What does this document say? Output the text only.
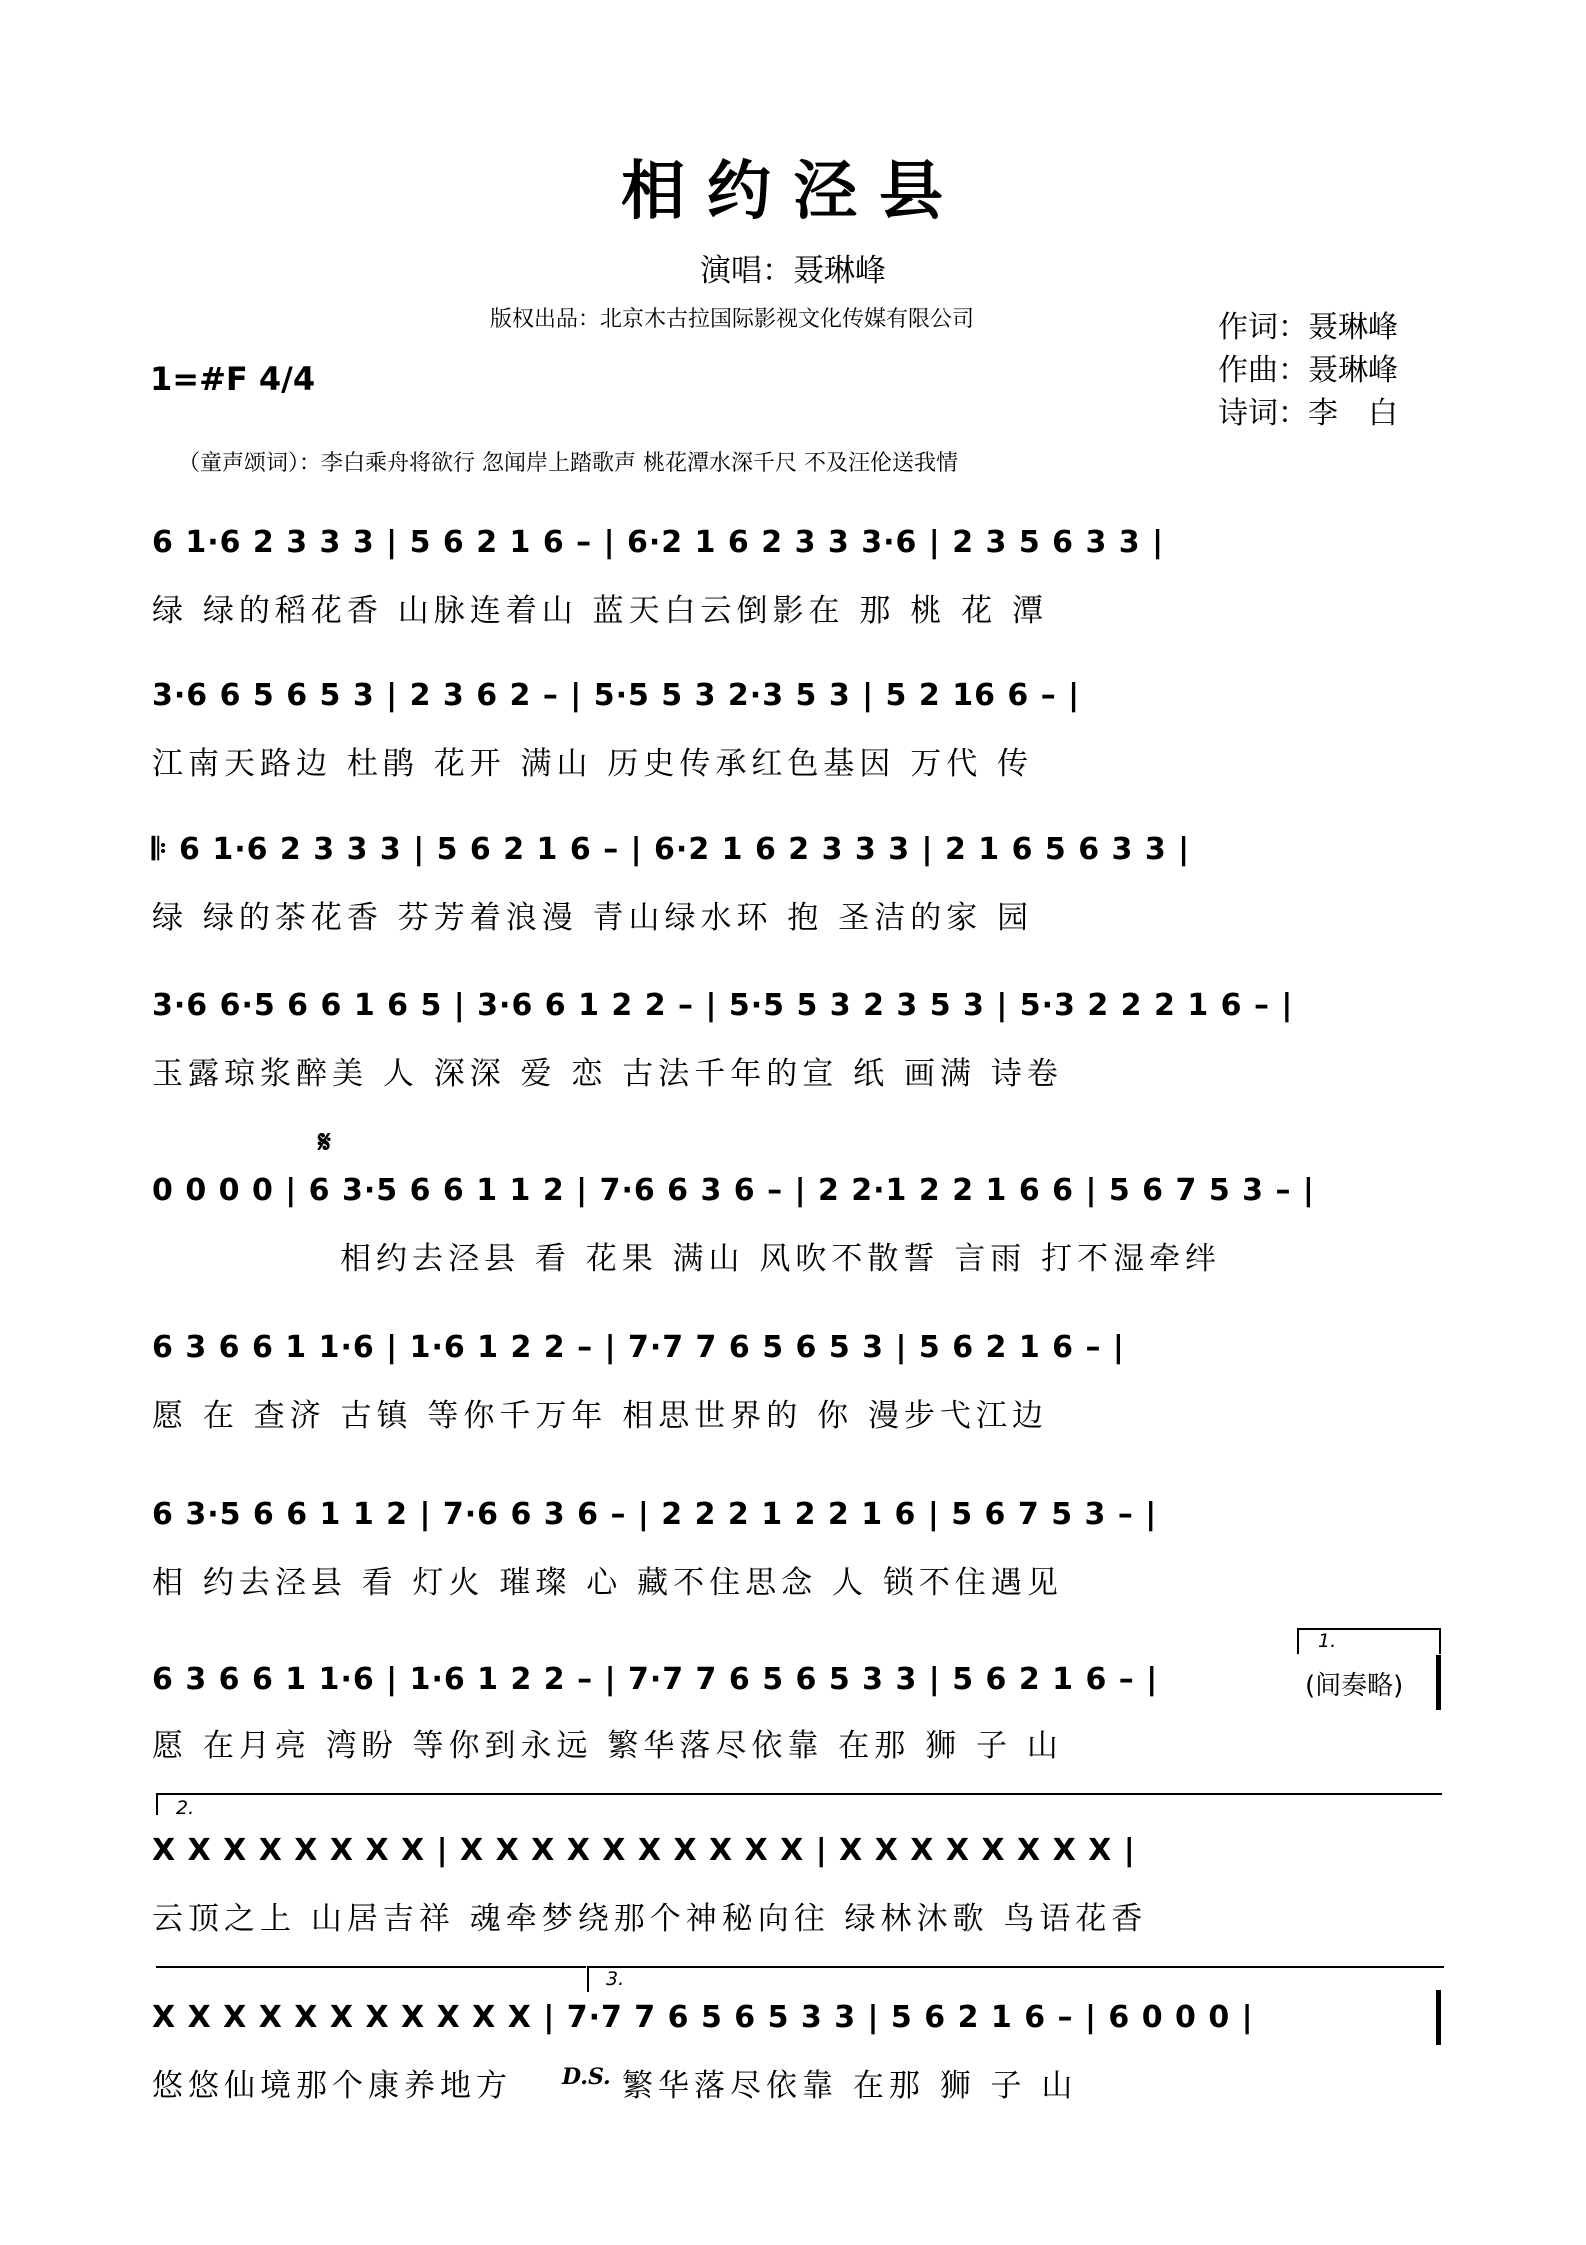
相约泾县
演唱：聂琳峰
版权出品：北京木古拉国际影视文化传媒有限公司	作词：聂琳峰
作曲：聂琳峰
诗词：李　白
1=#F 4/4
（童声颂词）：李白乘舟将欲行 忽闻岸上踏歌声 桃花潭水深千尺 不及汪伦送我情
6 1·6 2 3 3 3 | 5 6 2 1 6 – | 6·2 1 6 2 3 3 3·6 | 2 3 5 6 3 3 |
绿 绿的稻花香 山脉连着山 蓝天白云倒影在 那 桃 花 潭
3·6 6 5 6 5 3 | 2 3 6 2 – | 5·5 5 3 2·3 5 3 | 5 2 16 6 – |
江南天路边 杜鹃 花开 满山 历史传承红色基因 万代 传
𝄆 6 1·6 2 3 3 3 | 5 6 2 1 6 – | 6·2 1 6 2 3 3 3 | 2 1 6 5 6 3 3 |
绿 绿的茶花香 芬芳着浪漫 青山绿水环 抱 圣洁的家 园
3·6 6·5 6 6 1 6 5 | 3·6 6 1 2 2 – | 5·5 5 3 2 3 5 3 | 5·3 2 2 2 1 6 – |
玉露琼浆醉美 人 深深 爱 恋 古法千年的宣 纸 画满 诗卷
𝄋
0 0 0 0 | 6 3·5 6 6 1 1 2 | 7·6 6 3 6 – | 2 2·1 2 2 1 6 6 | 5 6 7 5 3 – |
相约去泾县 看 花果 满山 风吹不散誓 言雨 打不湿牵绊
6 3 6 6 1 1·6 | 1·6 1 2 2 – | 7·7 7 6 5 6 5 3 | 5 6 2 1 6 – |
愿 在 查济 古镇 等你千万年 相思世界的 你 漫步弋江边
6 3·5 6 6 1 1 2 | 7·6 6 3 6 – | 2 2 2 1 2 2 1 6 | 5 6 7 5 3 – |
相 约去泾县 看 灯火 璀璨 心 藏不住思念 人 锁不住遇见
1.
6 3 6 6 1 1·6 | 1·6 1 2 2 – | 7·7 7 6 5 6 5 3 3 | 5 6 2 1 6 – |	(间奏略)
愿 在月亮 湾盼 等你到永远 繁华落尽依靠 在那 狮 子 山
2.
X X X X X X X X | X X X X X X X X X X | X X X X X X X X |
云顶之上 山居吉祥 魂牵梦绕那个神秘向往 绿林沐歌 鸟语花香
3.
X X X X X X X X X X X | 7·7 7 6 5 6 5 3 3 | 5 6 2 1 6 – | 6 0 0 0 |
悠悠仙境那个康养地方	D.S. 繁华落尽依靠 在那 狮 子 山
